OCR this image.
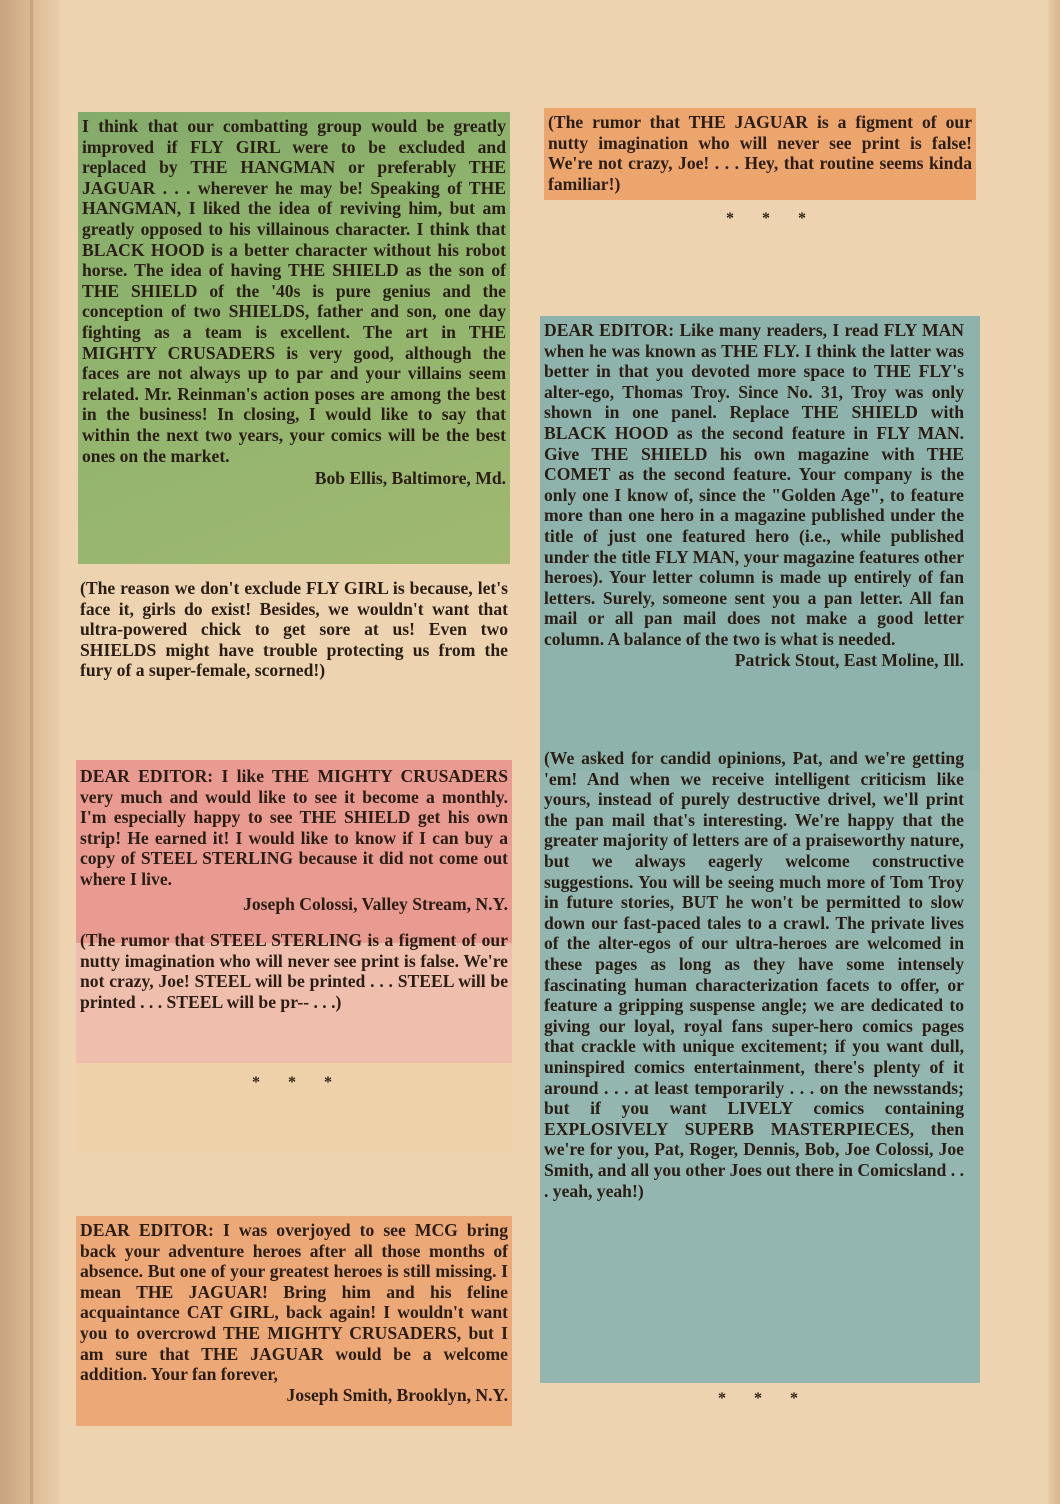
I think that our combatting group would be greatly improved if FLY GIRL were to be excluded and replaced by THE HANGMAN or preferably THE JAGUAR . . . wherever he may be! Speaking of THE HANGMAN, I liked the idea of reviving him, but am greatly opposed to his villainous character. I think that BLACK HOOD is a better character without his robot horse. The idea of having THE SHIELD as the son of THE SHIELD of the '40s is pure genius and the conception of two SHIELDS, father and son, one day fighting as a team is excellent. The art in THE MIGHTY CRUSADERS is very good, although the faces are not always up to par and your villains seem related. Mr. Reinman's action poses are among the best in the business! In closing, I would like to say that within the next two years, your comics will be the best ones on the market.

Bob Ellis, Baltimore, Md.

(The reason we don't exclude FLY GIRL is because, let's face it, girls do exist! Besides, we wouldn't want that ultra-powered chick to get sore at us! Even two SHIELDS might have trouble protecting us from the fury of a super-female, scorned!)

DEAR EDITOR: I like THE MIGHTY CRUSADERS very much and would like to see it become a monthly. I'm especially happy to see THE SHIELD get his own strip! He earned it! I would like to know if I can buy a copy of STEEL STERLING because it did not come out where I live.

Joseph Colossi, Valley Stream, N.Y.

(The rumor that STEEL STERLING is a figment of our nutty imagination who will never see print is false. We're not crazy, Joe! STEEL will be printed . . . STEEL will be printed . . . STEEL will be pr-- . . .)

* * *

DEAR EDITOR: I was overjoyed to see MCG bring back your adventure heroes after all those months of absence. But one of your greatest heroes is still missing. I mean THE JAGUAR! Bring him and his feline acquaintance CAT GIRL, back again! I wouldn't want you to overcrowd THE MIGHTY CRUSADERS, but I am sure that THE JAGUAR would be a welcome addition. Your fan forever,

Joseph Smith, Brooklyn, N.Y.

(The rumor that THE JAGUAR is a figment of our nutty imagination who will never see print is false! We're not crazy, Joe! . . . Hey, that routine seems kinda familiar!)

* * *

DEAR EDITOR: Like many readers, I read FLY MAN when he was known as THE FLY. I think the latter was better in that you devoted more space to THE FLY's alter-ego, Thomas Troy. Since No. 31, Troy was only shown in one panel. Replace THE SHIELD with BLACK HOOD as the second feature in FLY MAN. Give THE SHIELD his own magazine with THE COMET as the second feature. Your company is the only one I know of, since the "Golden Age", to feature more than one hero in a magazine published under the title of just one featured hero (i.e., while published under the title FLY MAN, your magazine features other heroes). Your letter column is made up entirely of fan letters. Surely, someone sent you a pan letter. All fan mail or all pan mail does not make a good letter column. A balance of the two is what is needed.

Patrick Stout, East Moline, Ill.

(We asked for candid opinions, Pat, and we're getting 'em! And when we receive intelligent criticism like yours, instead of purely destructive drivel, we'll print the pan mail that's interesting. We're happy that the greater majority of letters are of a praiseworthy nature, but we always eagerly welcome constructive suggestions. You will be seeing much more of Tom Troy in future stories, BUT he won't be permitted to slow down our fast-paced tales to a crawl. The private lives of the alter-egos of our ultra-heroes are welcomed in these pages as long as they have some intensely fascinating human characterization facets to offer, or feature a gripping suspense angle; we are dedicated to giving our loyal, royal fans super-hero comics pages that crackle with unique excitement; if you want dull, uninspired comics entertainment, there's plenty of it around . . . at least temporarily . . . on the newsstands; but if you want LIVELY comics containing EXPLOSIVELY SUPERB MASTERPIECES, then we're for you, Pat, Roger, Dennis, Bob, Joe Colossi, Joe Smith, and all you other Joes out there in Comicsland . . . yeah, yeah!)

* * *
